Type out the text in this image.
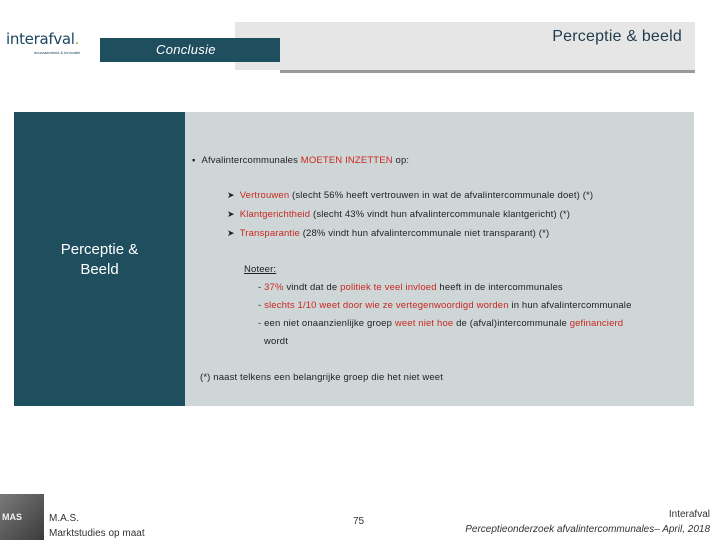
interafval.
duurzaamheid & innovatie	Conclusie
Perceptie & beeld
Perceptie &
Beeld
▪ Afvalintercommunales MOETEN INZETTEN op:
➤ Vertrouwen (slecht 56% heeft vertrouwen in wat de afvalintercommunale doet) (*)
➤ Klantgerichtheid (slecht 43% vindt hun afvalintercommunale klantgericht) (*)
➤ Transparantie (28% vindt hun afvalintercommunale niet transparant) (*)
Noteer:
- 37% vindt dat de politiek te veel invloed heeft in de intercommunales
- slechts 1/10 weet door wie ze vertegenwoordigd worden in hun afvalintercommunale
- een niet onaanzienlijke groep weet niet hoe de (afval)intercommunale gefinancierd
wordt
(*) naast telkens een belangrijke groep die het niet weet
MAS	M.A.S.
Marktstudies op maat
75
Interafval
Perceptieonderzoek afvalintercommunales– April, 2018
